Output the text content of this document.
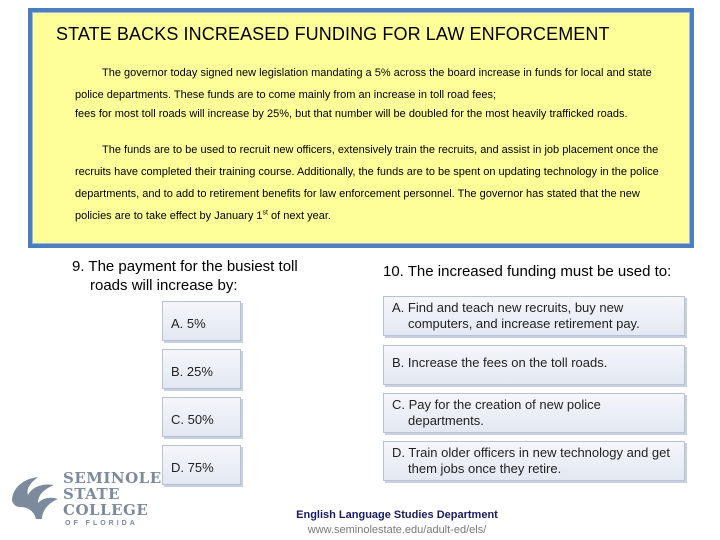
STATE BACKS INCREASED FUNDING FOR LAW ENFORCEMENT

The governor today signed new legislation mandating a 5% across the board increase in funds for local and state police departments. These funds are to come mainly from an increase in toll road fees;

fees for most toll roads will increase by 25%, but that number will be doubled for the most heavily trafficked roads.

The funds are to be used to recruit new officers, extensively train the recruits, and assist in job placement once the recruits have completed their training course. Additionally, the funds are to be spent on updating technology in the police departments, and to add to retirement benefits for law enforcement personnel. The governor has stated that the new policies are to take effect by January 1st of next year.

9. The payment for the busiest toll
roads will increase by:
A. 5%
B. 25%
C. 50%
D. 75%
10. The increased funding must be used to:
A. Find and teach new recruits, buy new computers, and increase retirement pay.
B. Increase the fees on the toll roads.
C. Pay for the creation of new police departments.
D. Train older officers in new technology and get them jobs once they retire.
SEMINOLE
STATE
COLLEGE
OF FLORIDA
English Language Studies Department
www.seminolestate.edu/adult-ed/els/
